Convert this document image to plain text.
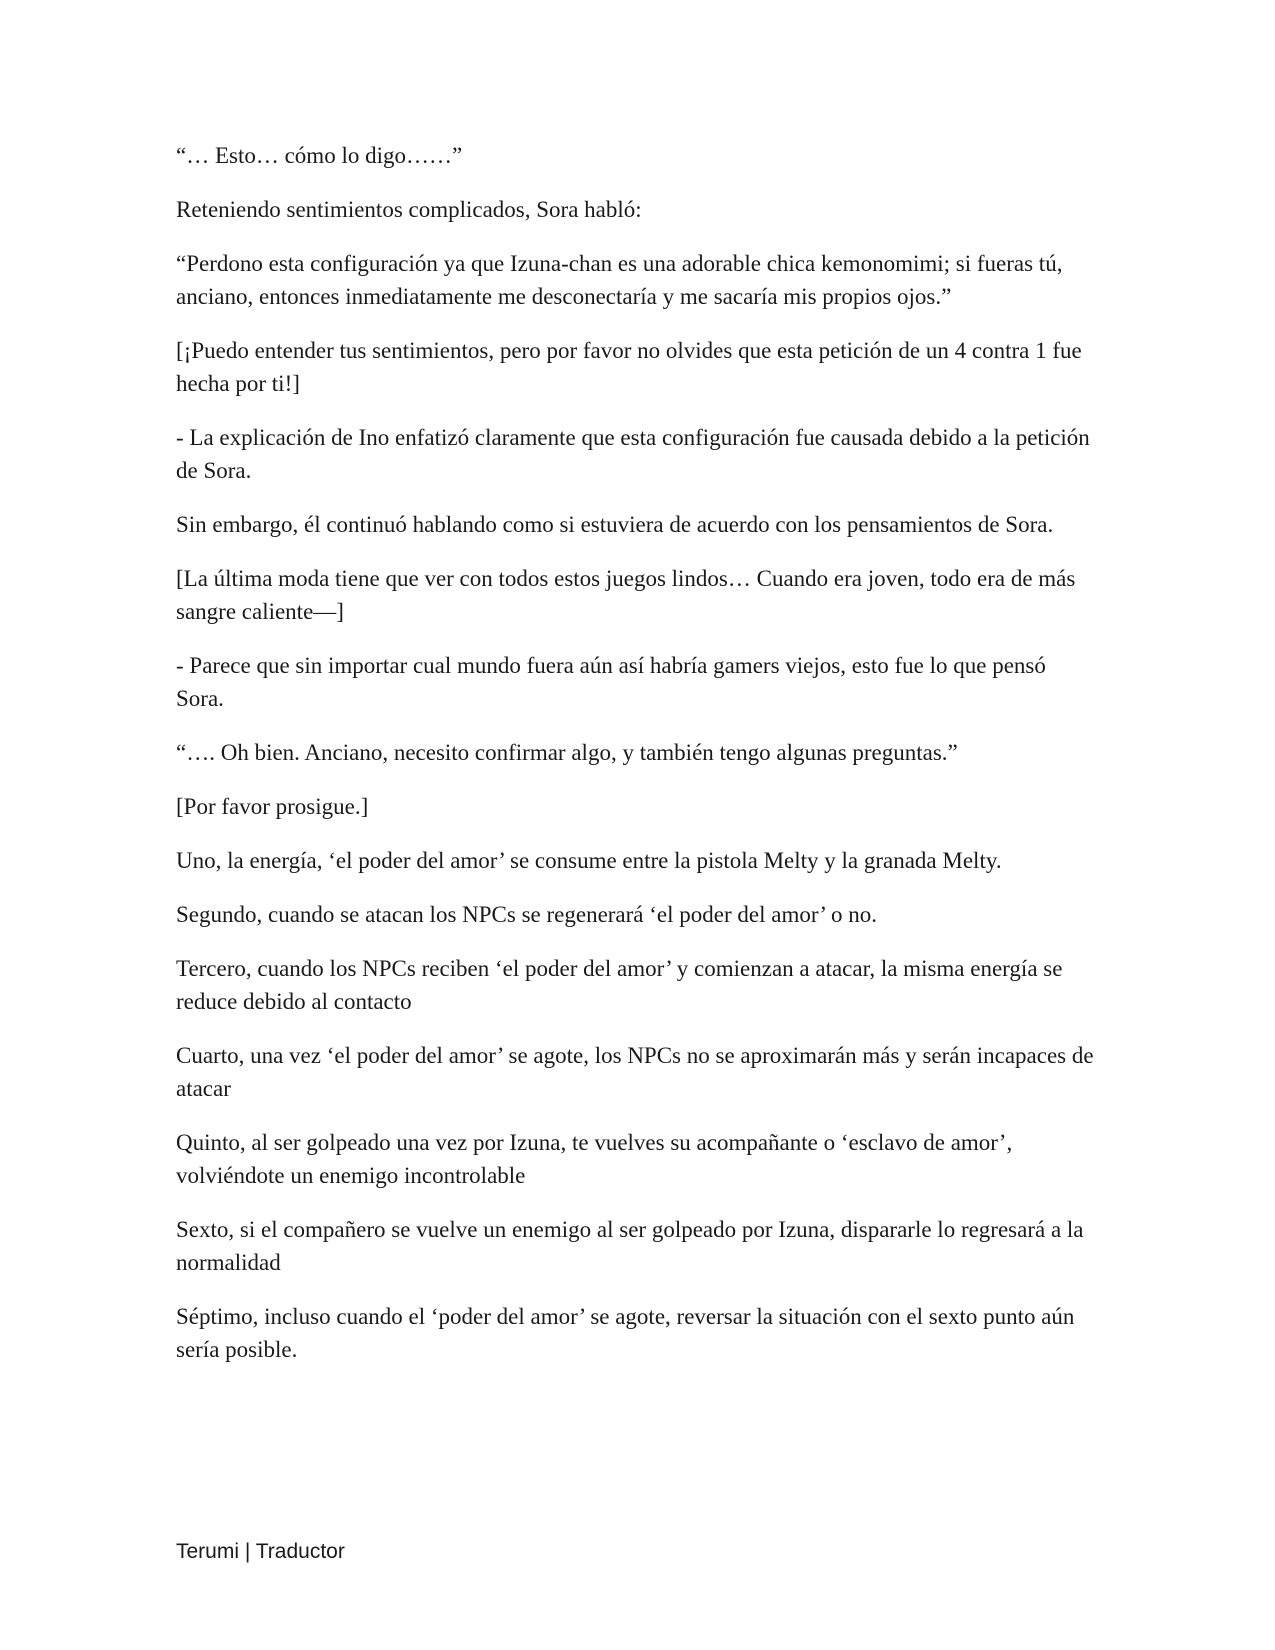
“… Esto… cómo lo digo……”

Reteniendo sentimientos complicados, Sora habló:

“Perdono esta configuración ya que Izuna-chan es una adorable chica kemonomimi; si fueras tú, anciano, entonces inmediatamente me desconectaría y me sacaría mis propios ojos.”

[¡Puedo entender tus sentimientos, pero por favor no olvides que esta petición de un 4 contra 1 fue hecha por ti!]

- La explicación de Ino enfatizó claramente que esta configuración fue causada debido a la petición de Sora.

Sin embargo, él continuó hablando como si estuviera de acuerdo con los pensamientos de Sora.

[La última moda tiene que ver con todos estos juegos lindos… Cuando era joven, todo era de más sangre caliente—]

- Parece que sin importar cual mundo fuera aún así habría gamers viejos, esto fue lo que pensó Sora.

“…. Oh bien. Anciano, necesito confirmar algo, y también tengo algunas preguntas.”

[Por favor prosigue.]

Uno, la energía, ‘el poder del amor’ se consume entre la pistola Melty y la granada Melty.

Segundo, cuando se atacan los NPCs se regenerará ‘el poder del amor’ o no.

Tercero, cuando los NPCs reciben ‘el poder del amor’ y comienzan a atacar, la misma energía se reduce debido al contacto

Cuarto, una vez ‘el poder del amor’ se agote, los NPCs no se aproximarán más y serán incapaces de atacar

Quinto, al ser golpeado una vez por Izuna, te vuelves su acompañante o ‘esclavo de amor’, volviéndote un enemigo incontrolable

Sexto, si el compañero se vuelve un enemigo al ser golpeado por Izuna, dispararle lo regresará a la normalidad

Séptimo, incluso cuando el ‘poder del amor’ se agote, reversar la situación con el sexto punto aún sería posible.

Terumi | Traductor
